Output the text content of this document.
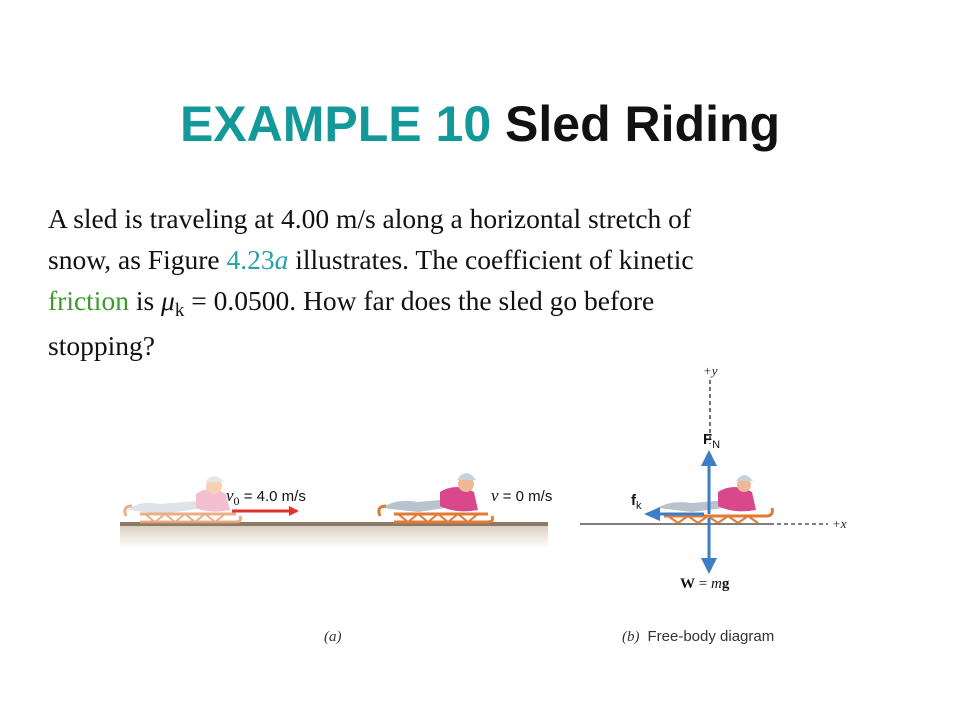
EXAMPLE 10 Sled Riding
A sled is traveling at 4.00 m/s along a horizontal stretch of
snow, as Figure 4.23a illustrates. The coefficient of kinetic
friction is $\mu_k = 0.0500$. How far does the sled go before
stopping?
$v_0 = 4.0$ m/s	v = 0 m/s
(a)
+y
+x
$F_N$
$f_k$
W = mg
(b) Free-body diagram
